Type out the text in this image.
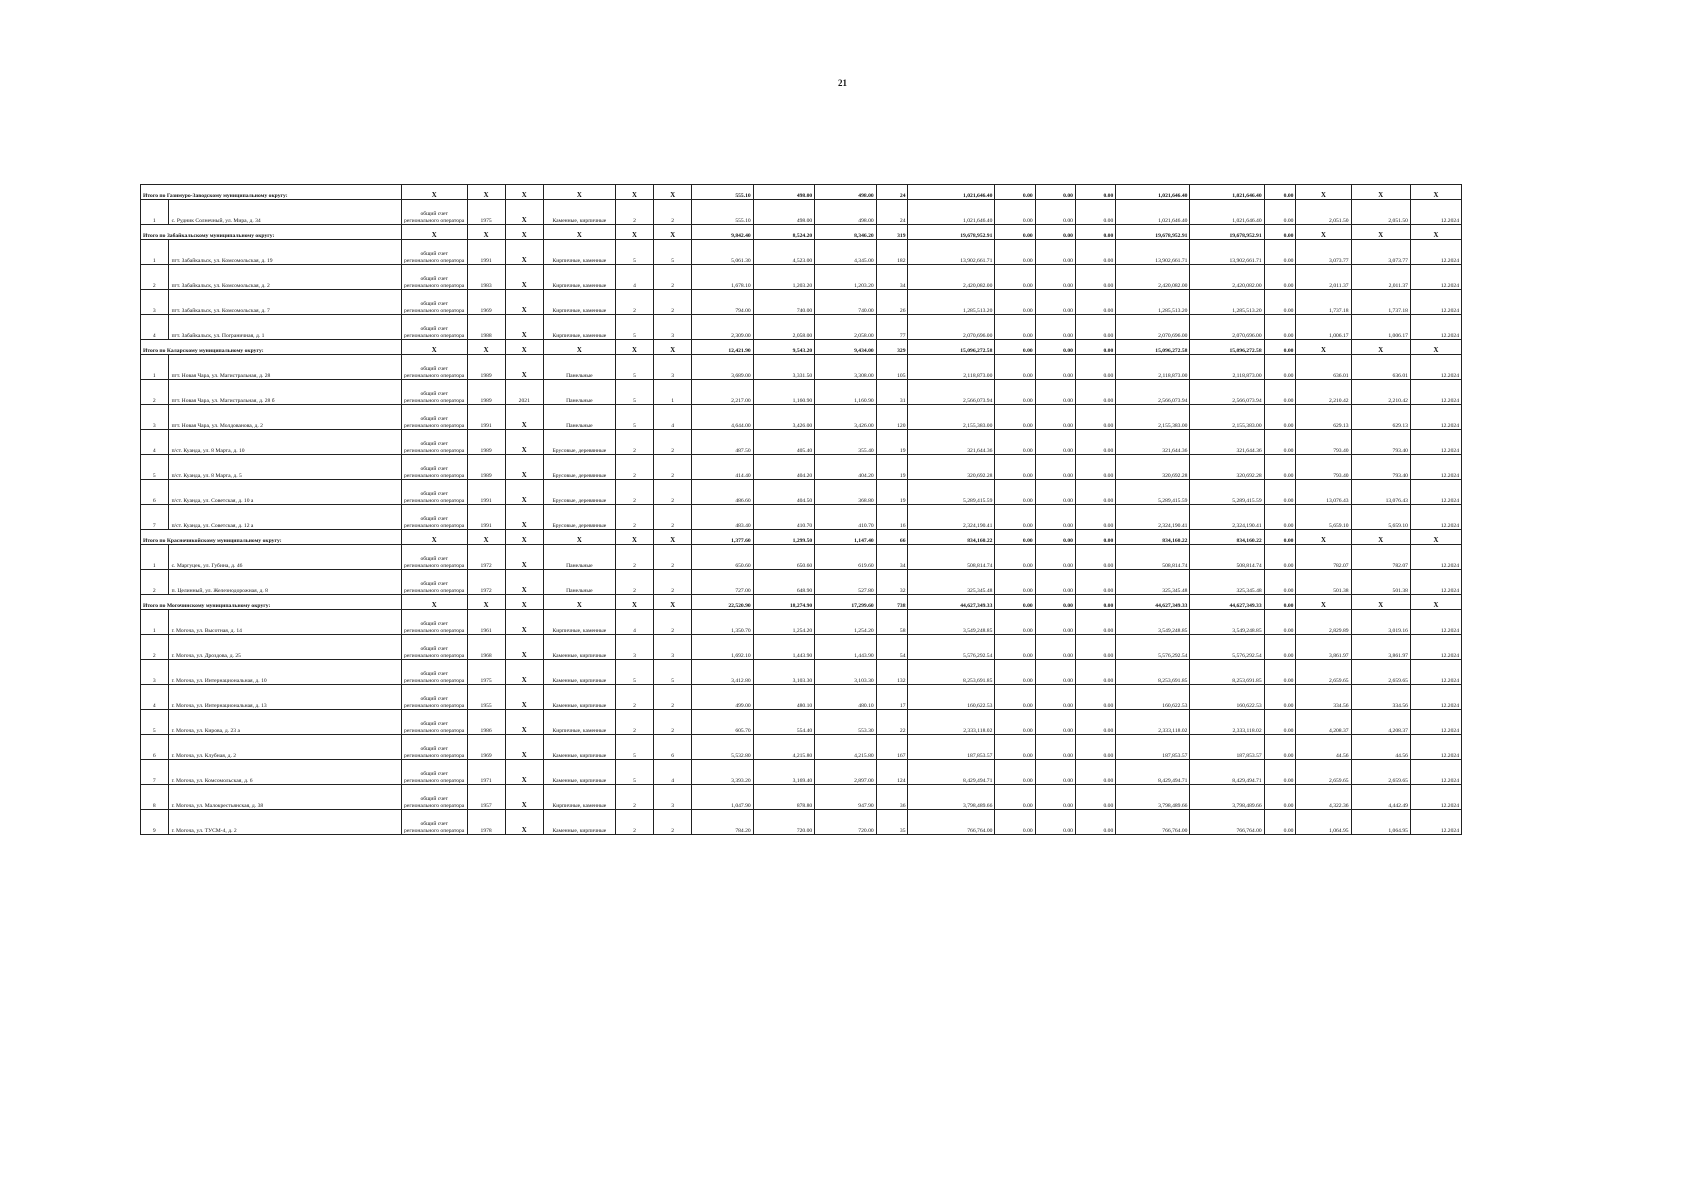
21
Итого по Газимуро-Заводскому муниципальному округу:		X	X	X	X	X	X	555.10	498.00	498.00	24	1,021,646.40	0.00	0.00	0.00	1,021,646.40	1,021,646.40	0.00	X	X	X
1	с. Рудник Солнечный, ул. Мира, д. 34	общий счет регионального оператора	1975	X	Каменные, кирпичные	2	2	555.10	498.00	498.00	24	1,021,646.40	0.00	0.00	0.00	1,021,646.40	1,021,646.40	0.00	2,051.50	2,051.50	12.2024
Итого по Забайкальскому муниципальному округу:		X	X	X	X	X	X	9,842.40	8,524.20	8,346.20	319	19,678,952.91	0.00	0.00	0.00	19,678,952.91	19,678,952.91	0.00	X	X	X
1	пгт. Забайкальск, ул. Комсомольская, д. 19	общий счет регионального оператора	1991	X	Кирпичные, каменные	5	5	5,061.30	4,523.00	4,345.00	182	13,902,661.71	0.00	0.00	0.00	13,902,661.71	13,902,661.71	0.00	3,073.77	3,073.77	12.2024
2	пгт. Забайкальск, ул. Комсомольская, д. 2	общий счет регионального оператора	1983	X	Кирпичные, каменные	4	2	1,678.10	1,203.20	1,203.20	34	2,420,082.00	0.00	0.00	0.00	2,420,082.00	2,420,082.00	0.00	2,011.37	2,011.37	12.2024
3	пгт. Забайкальск, ул. Комсомольская, д. 7	общий счет регионального оператора	1969	X	Кирпичные, каменные	2	2	794.00	740.00	740.00	26	1,285,513.20	0.00	0.00	0.00	1,285,513.20	1,285,513.20	0.00	1,737.18	1,737.18	12.2024
4	пгт. Забайкальск, ул. Пограничная, д. 1	общий счет регионального оператора	1988	X	Кирпичные, каменные	5	3	2,309.00	2,058.00	2,058.00	77	2,070,696.00	0.00	0.00	0.00	2,070,696.00	2,070,696.00	0.00	1,006.17	1,006.17	12.2024
Итого по Каларскому муниципальному округу:		X	X	X	X	X	X	12,421.90	9,543.20	9,434.00	329	15,096,272.58	0.00	0.00	0.00	15,096,272.58	15,096,272.58	0.00	X	X	X
1	пгт. Новая Чара, ул. Магистральная, д. 28	общий счет регионального оператора	1989	X	Панельные	5	3	3,689.00	3,331.50	3,308.00	105	2,118,873.00	0.00	0.00	0.00	2,118,873.00	2,118,873.00	0.00	636.01	636.01	12.2024
2	пгт. Новая Чара, ул. Магистральная, д. 28 б	общий счет регионального оператора	1989	2021	Панельные	5	1	2,217.00	1,160.90	1,160.90	31	2,566,073.94	0.00	0.00	0.00	2,566,073.94	2,566,073.94	0.00	2,210.42	2,210.42	12.2024
3	пгт. Новая Чара, ул. Молдованова, д. 2	общий счет регионального оператора	1991	X	Панельные	5	4	4,644.00	3,426.00	3,426.00	120	2,155,383.00	0.00	0.00	0.00	2,155,383.00	2,155,383.00	0.00	629.13	629.13	12.2024
4	п/ст. Куанда, ул. 8 Марта, д. 10	общий счет регионального оператора	1989	X	Брусовые, деревянные	2	2	487.50	405.40	355.40	19	321,644.36	0.00	0.00	0.00	321,644.36	321,644.36	0.00	793.40	793.40	12.2024
5	п/ст. Куанда, ул. 8 Марта, д. 5	общий счет регионального оператора	1989	X	Брусовые, деревянные	2	2	414.40	404.20	404.20	19	320,692.28	0.00	0.00	0.00	320,692.28	320,692.28	0.00	793.40	793.40	12.2024
6	п/ст. Куанда, ул. Советская, д. 10 а	общий счет регионального оператора	1991	X	Брусовые, деревянные	2	2	486.60	404.50	368.80	19	5,289,415.59	0.00	0.00	0.00	5,289,415.59	5,289,415.59	0.00	13,076.43	13,076.43	12.2024
7	п/ст. Куанда, ул. Советская, д. 12 а	общий счет регионального оператора	1991	X	Брусовые, деревянные	2	2	483.40	410.70	410.70	16	2,324,190.41	0.00	0.00	0.00	2,324,190.41	2,324,190.41	0.00	5,659.10	5,659.10	12.2024
Итого по Красночикойскому муниципальному округу:		X	X	X	X	X	X	1,377.60	1,299.50	1,147.40	66	834,160.22	0.00	0.00	0.00	834,160.22	834,160.22	0.00	X	X	X
1	с. Маргуцек, ул. Губина, д. 46	общий счет регионального оператора	1972	X	Панельные	2	2	650.60	650.60	619.60	34	508,814.74	0.00	0.00	0.00	508,814.74	508,814.74	0.00	782.07	782.07	12.2024
2	п. Целинный, ул. Железнодорожная, д. 8	общий счет регионального оператора	1972	X	Панельные	2	2	727.00	648.90	527.80	32	325,345.48	0.00	0.00	0.00	325,345.48	325,345.48	0.00	501.38	501.38	12.2024
Итого по Могочинскому муниципальному округу:		X	X	X	X	X	X	22,520.90	18,274.90	17,299.60	738	44,627,349.33	0.00	0.00	0.00	44,627,349.33	44,627,349.33	0.00	X	X	X
1	г. Могоча, ул. Высотная, д. 14	общий счет регионального оператора	1961	X	Кирпичные, каменные	4	2	1,350.70	1,254.20	1,254.20	58	3,549,248.85	0.00	0.00	0.00	3,549,248.85	3,549,248.85	0.00	2,829.89	3,019.16	12.2024
2	г. Могоча, ул. Дроздова, д. 25	общий счет регионального оператора	1968	X	Каменные, кирпичные	3	3	1,692.10	1,443.90	1,443.90	54	5,576,292.54	0.00	0.00	0.00	5,576,292.54	5,576,292.54	0.00	3,861.97	3,861.97	12.2024
3	г. Могоча, ул. Интернациональная, д. 10	общий счет регионального оператора	1975	X	Каменные, кирпичные	5	5	3,412.80	3,103.30	3,103.30	132	8,253,691.85	0.00	0.00	0.00	8,253,691.85	8,253,691.85	0.00	2,659.65	2,659.65	12.2024
4	г. Могоча, ул. Интернациональная, д. 13	общий счет регионального оператора	1955	X	Каменные, кирпичные	2	2	499.00	480.10	480.10	17	160,622.53	0.00	0.00	0.00	160,622.53	160,622.53	0.00	334.56	334.56	12.2024
5	г. Могоча, ул. Кирова, д. 23 а	общий счет регионального оператора	1986	X	Кирпичные, каменные	2	2	605.70	554.40	553.30	22	2,333,118.02	0.00	0.00	0.00	2,333,118.02	2,333,118.02	0.00	4,208.37	4,208.37	12.2024
6	г. Могоча, ул. Клубная, д. 2	общий счет регионального оператора	1969	X	Каменные, кирпичные	5	6	5,532.80	4,215.80	4,215.80	167	187,853.57	0.00	0.00	0.00	187,853.57	187,853.57	0.00	44.56	44.56	12.2024
7	г. Могоча, ул. Комсомольская, д. 6	общий счет регионального оператора	1971	X	Каменные, кирпичные	5	4	3,393.20	3,169.40	2,897.00	124	8,429,494.71	0.00	0.00	0.00	8,429,494.71	8,429,494.71	0.00	2,659.65	2,659.65	12.2024
8	г. Могоча, ул. Малокрестьянская, д. 38	общий счет регионального оператора	1957	X	Кирпичные, каменные	2	3	1,047.90	878.80	947.90	36	3,798,489.66	0.00	0.00	0.00	3,798,489.66	3,798,489.66	0.00	4,322.36	4,442.49	12.2024
9	г. Могоча, ул. ТУСМ-4, д. 2	общий счет регионального оператора	1978	X	Каменные, кирпичные	2	2	784.20	720.00	720.00	35	766,764.00	0.00	0.00	0.00	766,764.00	766,764.00	0.00	1,064.95	1,064.95	12.2024
